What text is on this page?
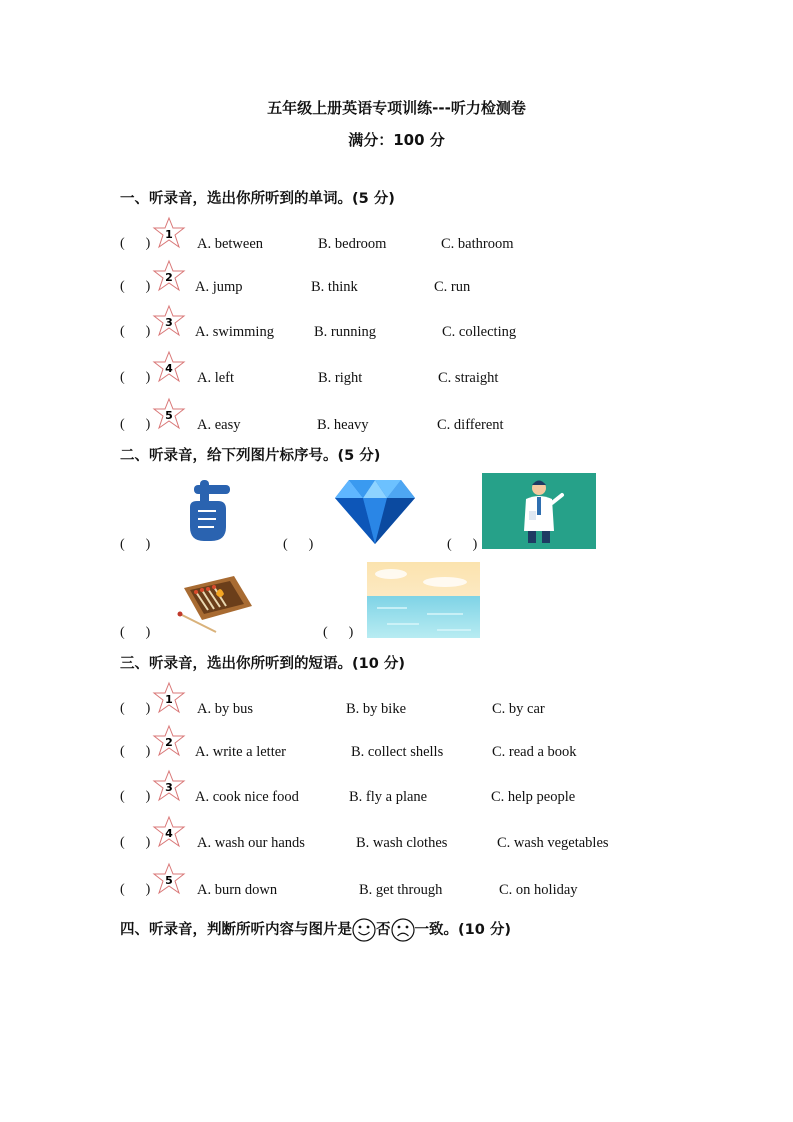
五年级上册英语专项训练---听力检测卷
满分：100 分
一、听录音，选出你所听到的单词。(5 分)
(      )
1
A. between	B. bedroom	C. bathroom
(      )
2
A. jump	B. think	C. run
(      )
3
A. swimming	B. running	C. collecting
(      )
4
A. left	B. right	C. straight
(      )
5
A. easy	B. heavy	C. different
二、听录音，给下列图片标序号。(5 分)
(      )	(      )	(      )
(      )	(      )
三、听录音，选出你所听到的短语。(10 分)
(      )
1
A. by bus	B. by bike	C. by car
(      )
2
A. write a letter	B. collect shells	C. read a book
(      )
3
A. cook nice food	B. fly a plane	C. help people
(      )
4
A. wash our hands	B. wash clothes	C. wash vegetables
(      )
5
A. burn down	B. get through	C. on holiday
四、听录音，判断所听内容与图片是 否 一致。(10 分)
